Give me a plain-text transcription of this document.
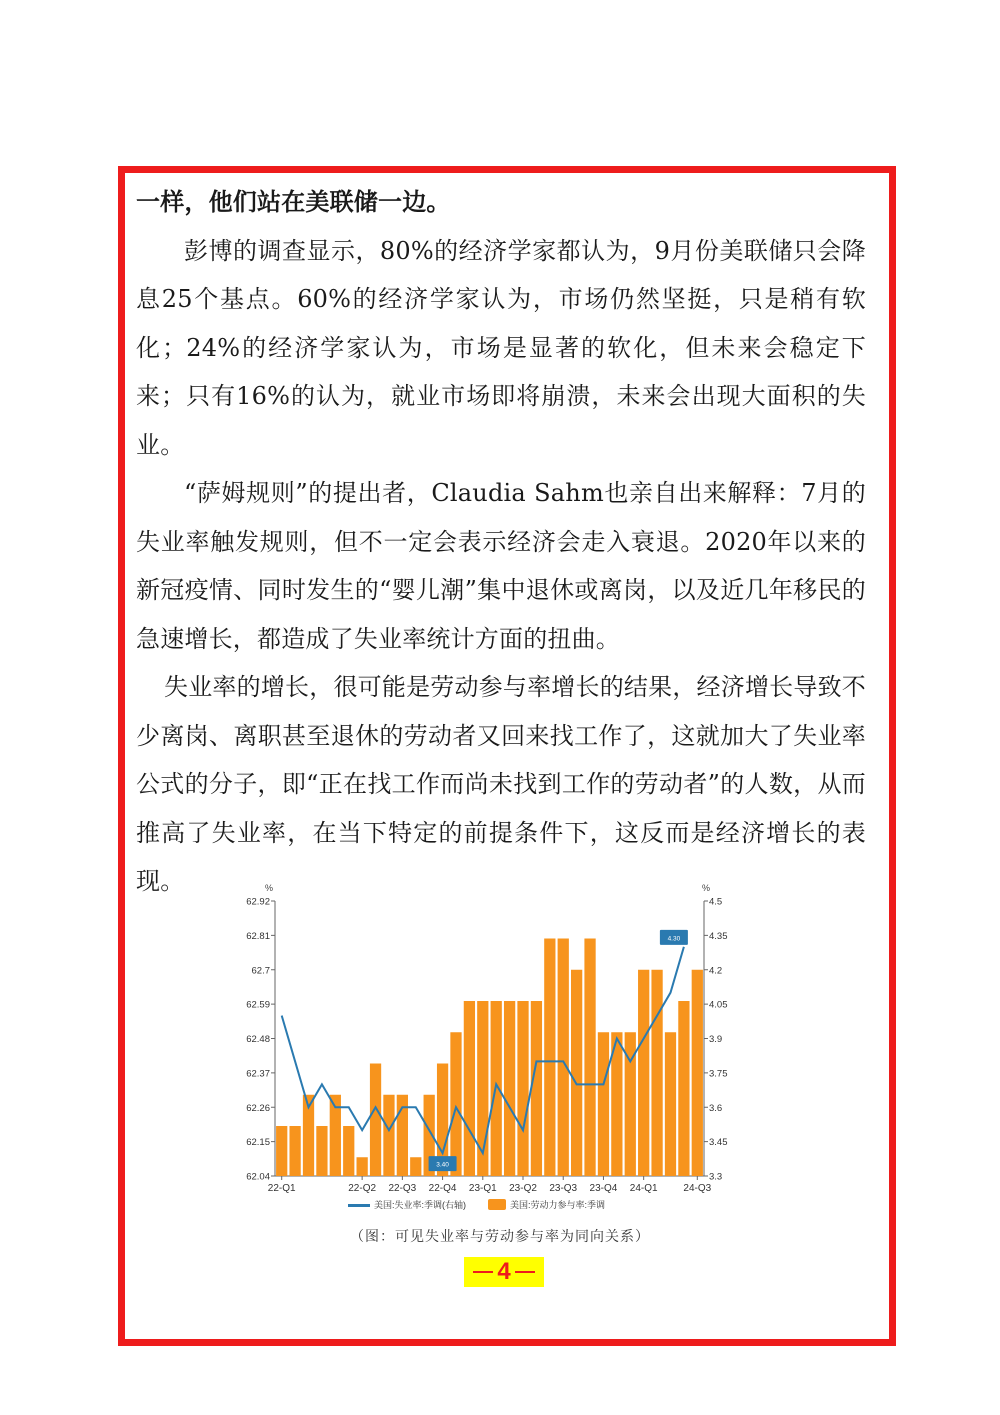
一样，他们站在美联储一边。

彭博的调查显示，80%的经济学家都认为，9月份美联储只会降息25个基点。60%的经济学家认为，市场仍然坚挺，只是稍有软化；24%的经济学家认为，市场是显著的软化，但未来会稳定下来；只有16%的认为，就业市场即将崩溃，未来会出现大面积的失业。

“萨姆规则”的提出者，Claudia Sahm也亲自出来解释：7月的失业率触发规则，但不一定会表示经济会走入衰退。2020年以来的新冠疫情、同时发生的“婴儿潮”集中退休或离岗，以及近几年移民的急速增长，都造成了失业率统计方面的扭曲。

失业率的增长，很可能是劳动参与率增长的结果，经济增长导致不少离岗、离职甚至退休的劳动者又回来找工作了，这就加大了失业率公式的分子，即“正在找工作而尚未找到工作的劳动者”的人数，从而推高了失业率，在当下特定的前提条件下，这反而是经济增长的表现。	%	%
62.04
62.15
62.26
62.37
62.48
62.59
62.7
62.81
62.92
3.3
3.45
3.6
3.75
3.9
4.05
4.2
4.35
4.5
22-Q1	22-Q2 22-Q3 22-Q4 23-Q1 23-Q2 23-Q3 23-Q4 24-Q1	24-Q3
3.40
4.30
美国:失业率:季调(右轴)	美国:劳动力参与率:季调
（图：可见失业率与劳动参与率为同向关系）
4
